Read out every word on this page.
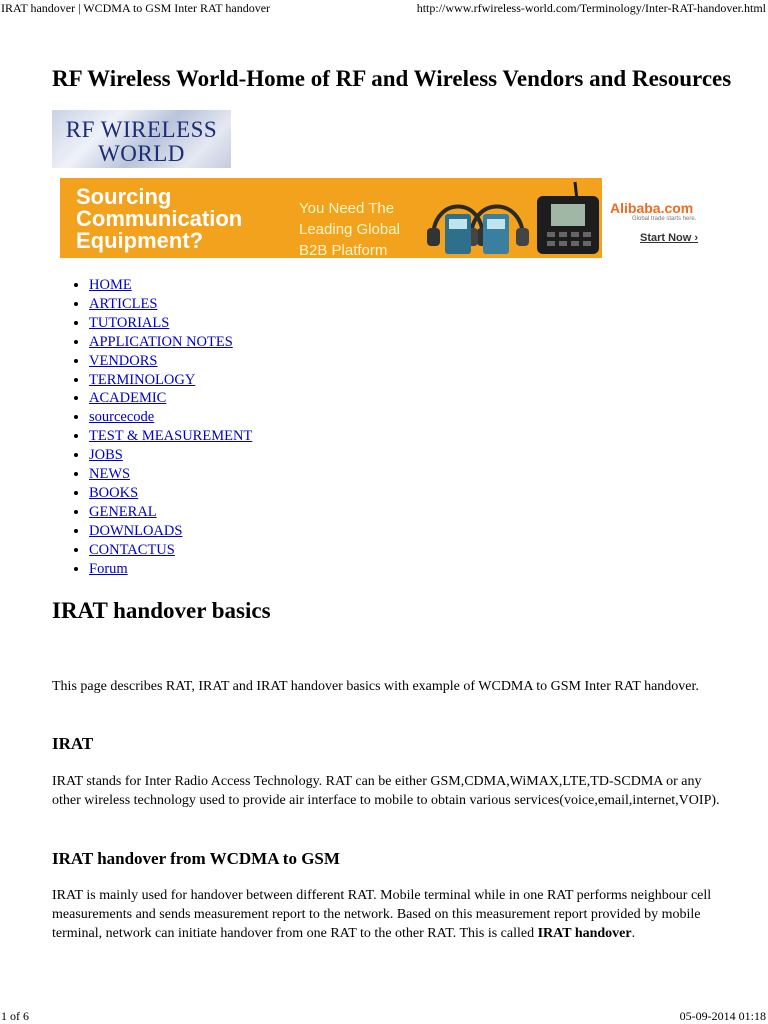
IRAT handover | WCDMA to GSM Inter RAT handover	http://www.rfwireless-world.com/Terminology/Inter-RAT-handover.html
RF Wireless World-Home of RF and Wireless Vendors and Resources
RF WIRELESS
WORLD
Sourcing
Communication
Equipment?
You Need The
Leading Global
B2B Platform
Alibaba.com
Global trade starts here.
Start Now ›
• HOME
• ARTICLES
• TUTORIALS
• APPLICATION NOTES
• VENDORS
• TERMINOLOGY
• ACADEMIC
• sourcecode
• TEST & MEASUREMENT
• JOBS
• NEWS
• BOOKS
• GENERAL
• DOWNLOADS
• CONTACTUS
• Forum
IRAT handover basics

This page describes RAT, IRAT and IRAT handover basics with example of WCDMA to GSM Inter RAT handover.

IRAT

IRAT stands for Inter Radio Access Technology. RAT can be either GSM,CDMA,WiMAX,LTE,TD-SCDMA or any other wireless technology used to provide air interface to mobile to obtain various services(voice,email,internet,VOIP).

IRAT handover from WCDMA to GSM

IRAT is mainly used for handover between different RAT. Mobile terminal while in one RAT performs neighbour cell measurements and sends measurement report to the network. Based on this measurement report provided by mobile terminal, network can initiate handover from one RAT to the other RAT. This is called IRAT handover.

1 of 6	05-09-2014 01:18
